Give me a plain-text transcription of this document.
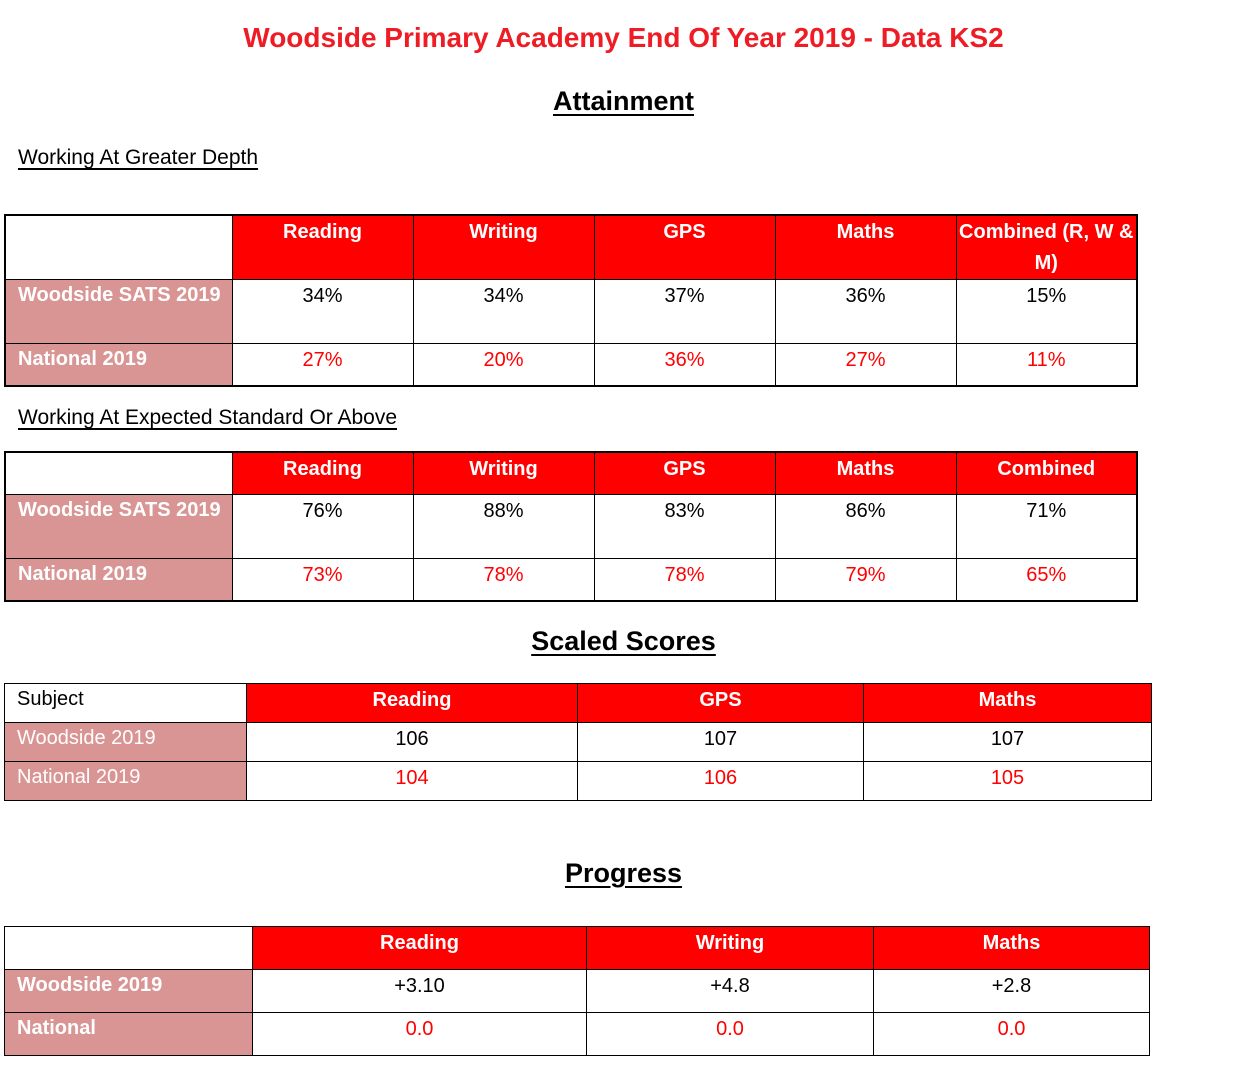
Woodside Primary Academy End Of Year 2019 - Data KS2
Attainment
Working At Greater Depth
	Reading	Writing	GPS	Maths	Combined (R, W & M)
Woodside SATS 2019	34%	34%	37%	36%	15%
National 2019	27%	20%	36%	27%	11%
Working At Expected Standard Or Above
	Reading	Writing	GPS	Maths	Combined
Woodside SATS 2019	76%	88%	83%	86%	71%
National 2019	73%	78%	78%	79%	65%
Scaled Scores
Subject	Reading	GPS	Maths
Woodside 2019	106	107	107
National 2019	104	106	105
Progress
	Reading	Writing	Maths
Woodside 2019	+3.10	+4.8	+2.8
National	0.0	0.0	0.0
